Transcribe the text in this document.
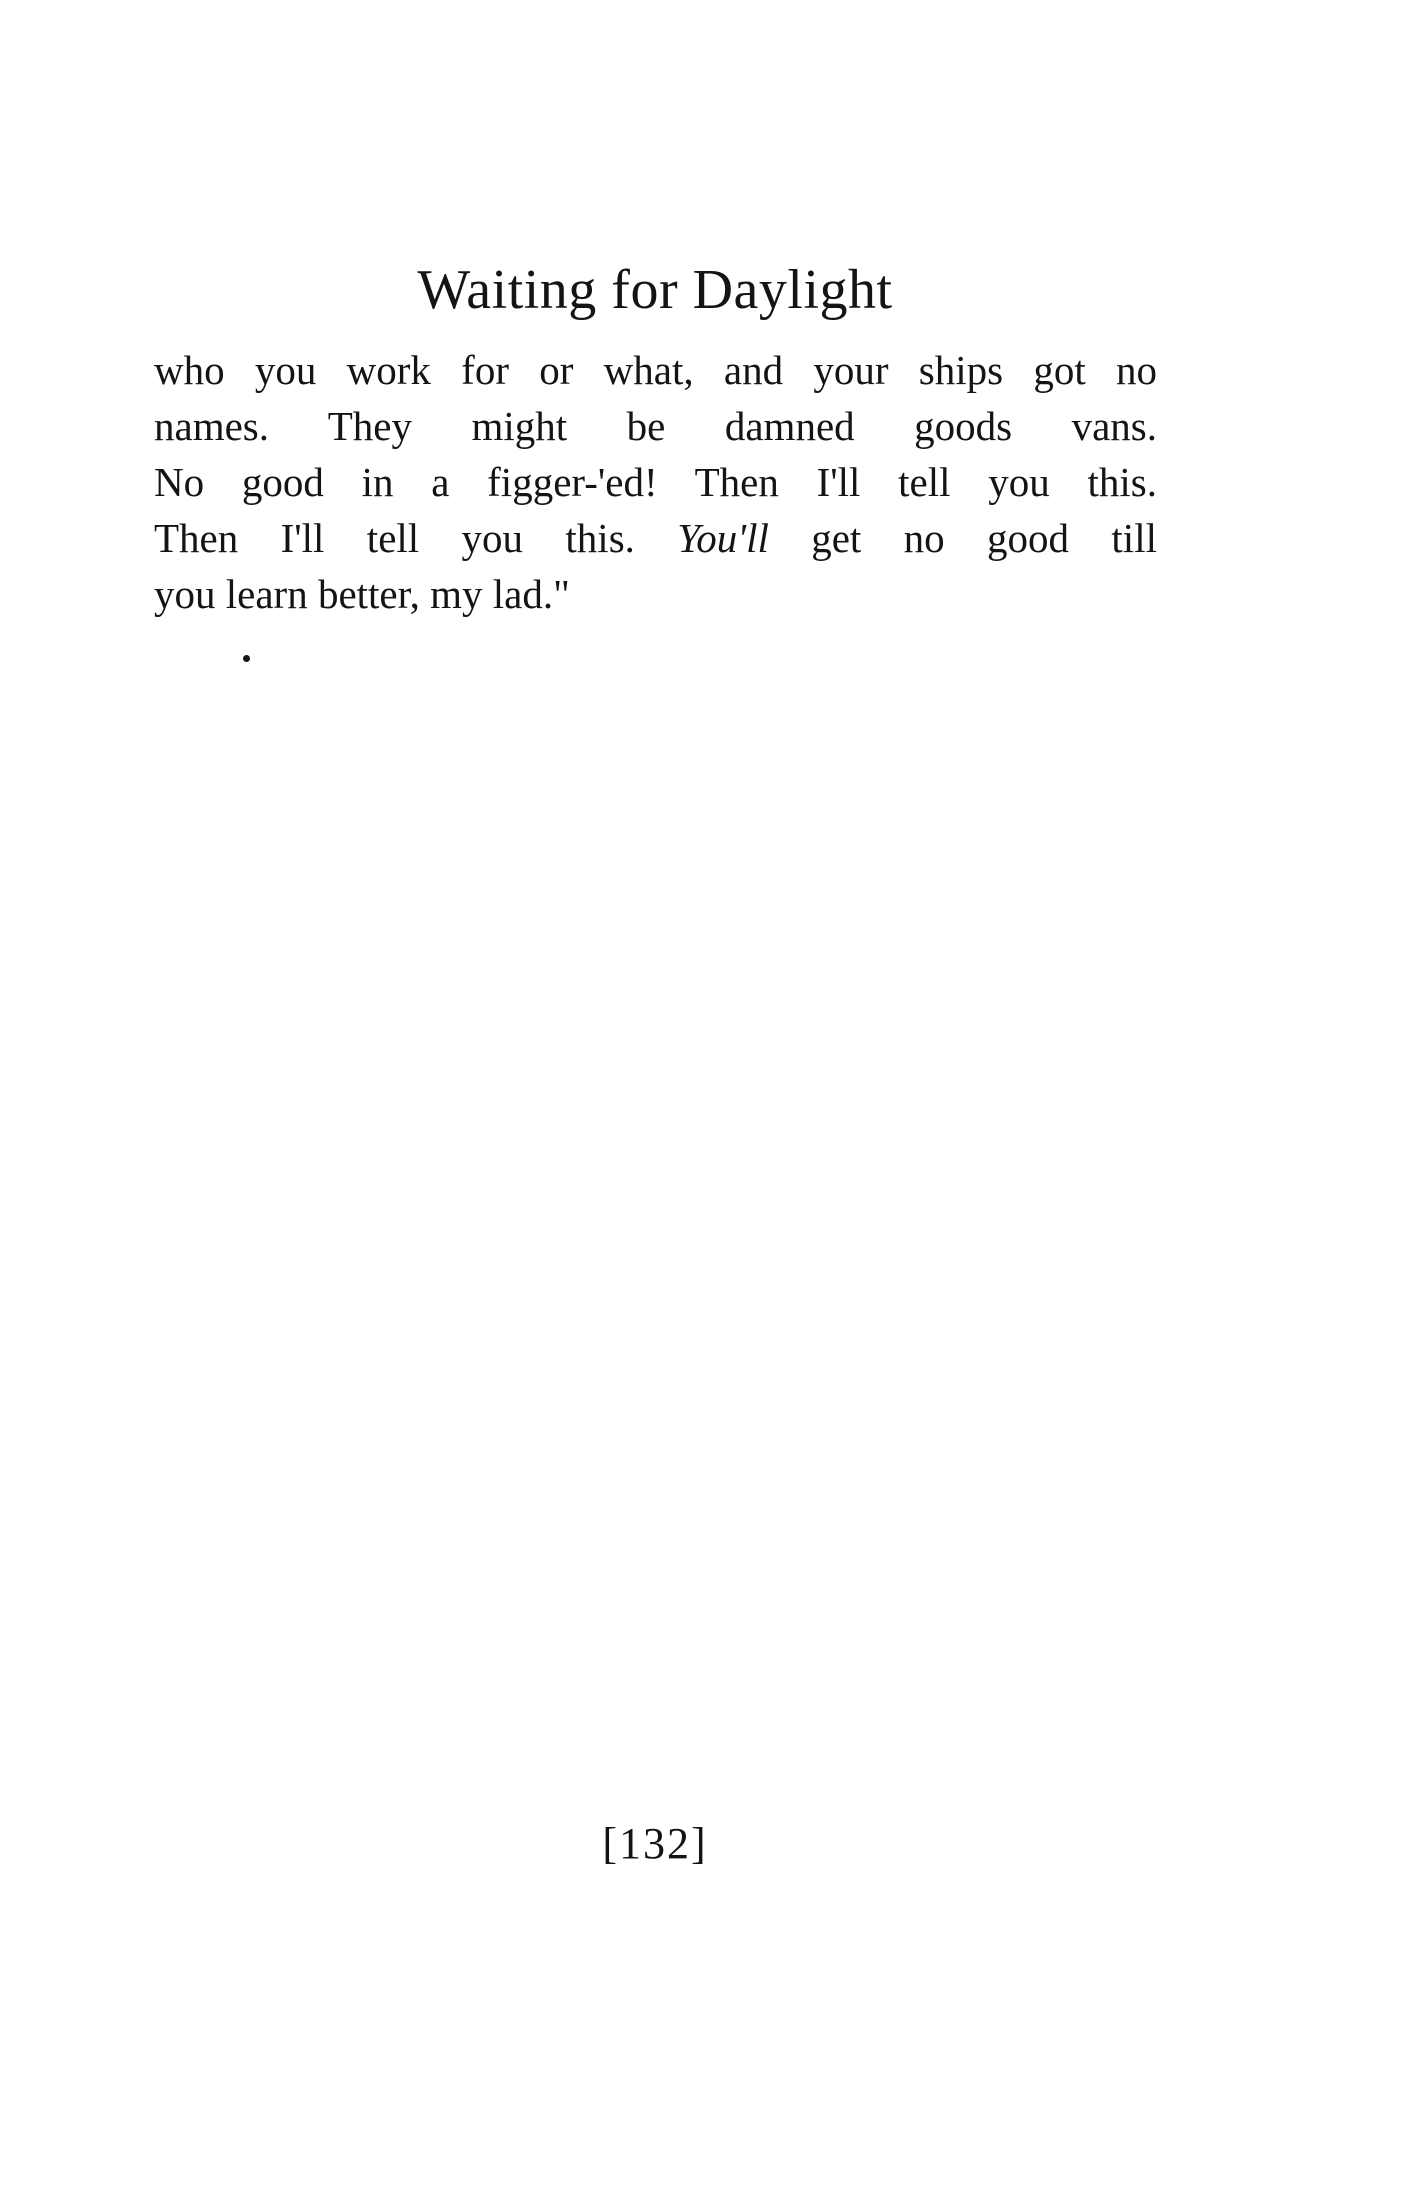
Waiting for Daylight
who you work for or what, and your ships got no
names. They might be damned goods vans.
No good in a figger-'ed! Then I'll tell you this.
Then I'll tell you this. You'll get no good till
you learn better, my lad."
[132]
